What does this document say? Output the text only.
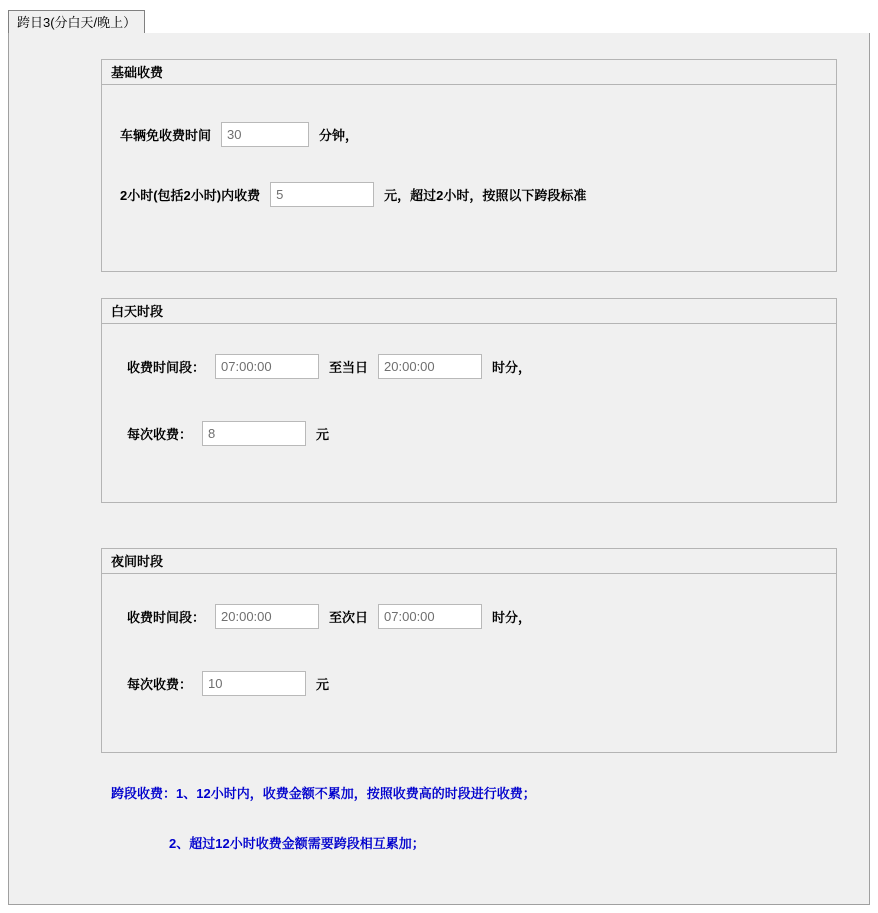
跨日3(分白天/晚上）
基础收费
车辆免收费时间
30	分钟，
2小时(包括2小时)内收费
5	元，超过2小时，按照以下跨段标准
白天时段
收费时间段：
07:00:00	至当日
20:00:00	时分，
每次收费：
8	元
夜间时段
收费时间段：
20:00:00	至次日
07:00:00	时分，
每次收费：
10	元
跨段收费：1、12小时内，收费金额不累加，按照收费高的时段进行收费；
2、超过12小时收费金额需要跨段相互累加；
